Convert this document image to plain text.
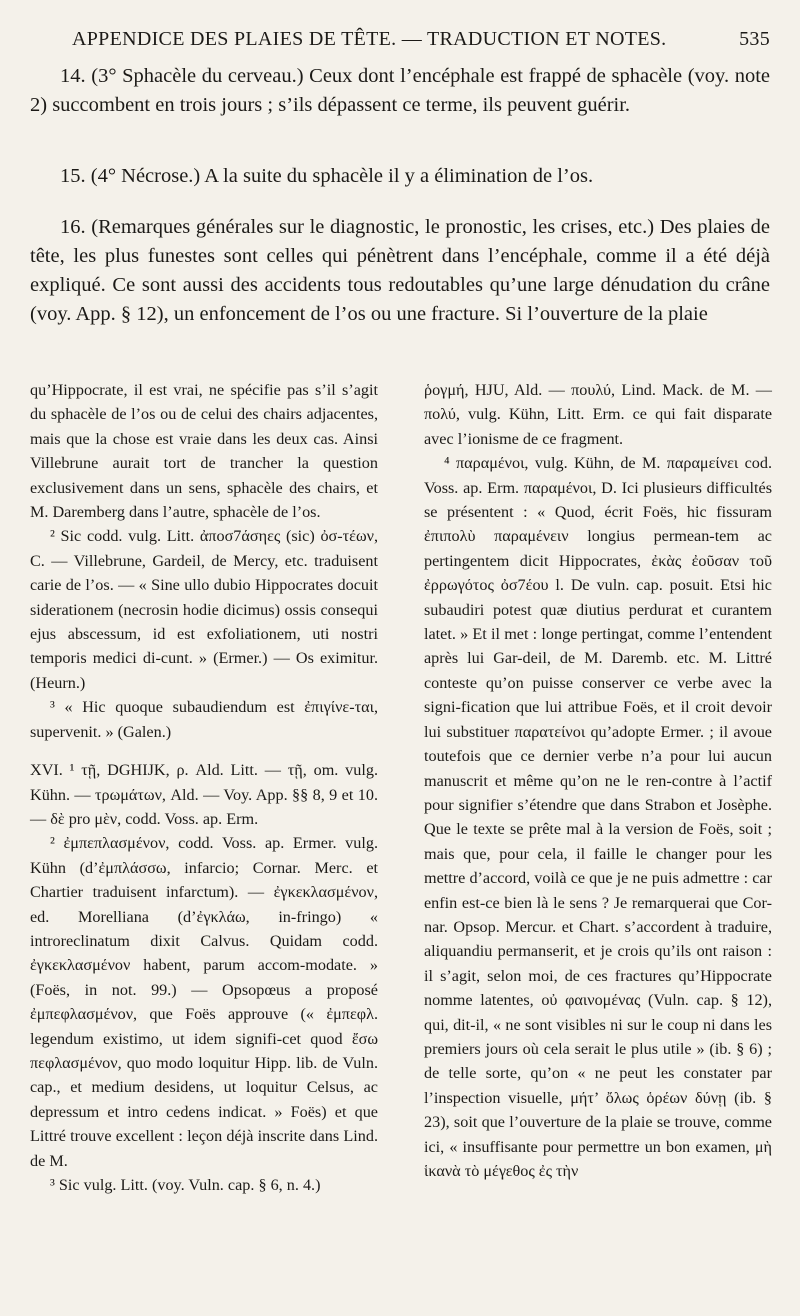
APPENDICE DES PLAIES DE TÊTE. — TRADUCTION ET NOTES.	535

14. (3° Sphacèle du cerveau.) Ceux dont l’encéphale est frappé de sphacèle (voy. note 2) succombent en trois jours ; s’ils dépassent ce terme, ils peuvent guérir.

15. (4° Nécrose.) A la suite du sphacèle il y a élimination de l’os.

16. (Remarques générales sur le diagnostic, le pronostic, les crises, etc.) Des plaies de tête, les plus funestes sont celles qui pénètrent dans l’encéphale, comme il a été déjà expliqué. Ce sont aussi des accidents tous redoutables qu’une large dénudation du crâne (voy. App. § 12), un enfoncement de l’os ou une fracture. Si l’ouverture de la plaie

qu’Hippocrate, il est vrai, ne spécifie pas s’il s’agit du sphacèle de l’os ou de celui des chairs adjacentes, mais que la chose est vraie dans les deux cas. Ainsi Villebrune aurait tort de trancher la question exclusivement dans un sens, sphacèle des chairs, et M. Daremberg dans l’autre, sphacèle de l’os.

² Sic codd. vulg. Litt. ἀποσ7άσηες (sic) ὀσ-τέων, C. — Villebrune, Gardeil, de Mercy, etc. traduisent carie de l’os. — « Sine ullo dubio Hippocrates docuit siderationem (necrosin hodie dicimus) ossis consequi ejus abscessum, id est exfoliationem, uti nostri temporis medici di-cunt. » (Ermer.) — Os eximitur. (Heurn.)

³ « Hic quoque subaudiendum est ἐπιγίνε-ται, supervenit. » (Galen.)

XVI. ¹ τῇ, DGHIJK, ρ. Ald. Litt. — τῇ, om. vulg. Kühn. — τρωμάτων, Ald. — Voy. App. §§ 8, 9 et 10. — δὲ pro μὲν, codd. Voss. ap. Erm.

² ἐμπεπλασμένον, codd. Voss. ap. Ermer. vulg. Kühn (d’ἐμπλάσσω, infarcio; Cornar. Merc. et Chartier traduisent infarctum). — ἐγκεκλασμένον, ed. Morelliana (d’ἐγκλάω, in-fringo) « introreclinatum dixit Calvus. Quidam codd. ἐγκεκλασμένον habent, parum accom-modate. » (Foës, in not. 99.) — Opsopœus a proposé ἐμπεφλασμένον, que Foës approuve (« ἐμπεφλ. legendum existimo, ut idem signifi-cet quod ἔσω πεφλασμένον, quo modo loquitur Hipp. lib. de Vuln. cap., et medium desidens, ut loquitur Celsus, ac depressum et intro cedens indicat. » Foës) et que Littré trouve excellent : leçon déjà inscrite dans Lind. de M.

³ Sic vulg. Litt. (voy. Vuln. cap. § 6, n. 4.)

ῥογμή, HJU, Ald. — πουλύ, Lind. Mack. de M. — πολύ, vulg. Kühn, Litt. Erm. ce qui fait disparate avec l’ionisme de ce fragment.

⁴ παραμένοι, vulg. Kühn, de M. παραμείνει cod. Voss. ap. Erm. παραμένοι, D. Ici plusieurs difficultés se présentent : « Quod, écrit Foës, hic fissuram ἐπιπολὺ παραμένειν longius permean-tem ac pertingentem dicit Hippocrates, ἐκὰς ἐοῦσαν τοῦ ἐρρωγότος ὀσ7έου l. De vuln. cap. posuit. Etsi hic subaudiri potest quæ diutius perdurat et curantem latet. » Et il met : longe pertingat, comme l’entendent après lui Gar-deil, de M. Daremb. etc. M. Littré conteste qu’on puisse conserver ce verbe avec la signi-fication que lui attribue Foës, et il croit devoir lui substituer παρατείνοι qu’adopte Ermer. ; il avoue toutefois que ce dernier verbe n’a pour lui aucun manuscrit et même qu’on ne le ren-contre à l’actif pour signifier s’étendre que dans Strabon et Josèphe. Que le texte se prête mal à la version de Foës, soit ; mais que, pour cela, il faille le changer pour les mettre d’accord, voilà ce que je ne puis admettre : car enfin est-ce bien là le sens ? Je remarquerai que Cor-nar. Opsop. Mercur. et Chart. s’accordent à traduire, aliquandiu permanserit, et je crois qu’ils ont raison : il s’agit, selon moi, de ces fractures qu’Hippocrate nomme latentes, οὐ φαινομένας (Vuln. cap. § 12), qui, dit-il, « ne sont visibles ni sur le coup ni dans les premiers jours où cela serait le plus utile » (ib. § 6) ; de telle sorte, qu’on « ne peut les constater par l’inspection visuelle, μήτ’ ὄλως ὁρέων δύνῃ (ib. § 23), soit que l’ouverture de la plaie se trouve, comme ici, « insuffisante pour permettre un bon examen, μὴ ἱκανὰ τὸ μέγεθος ἐς τὴν
